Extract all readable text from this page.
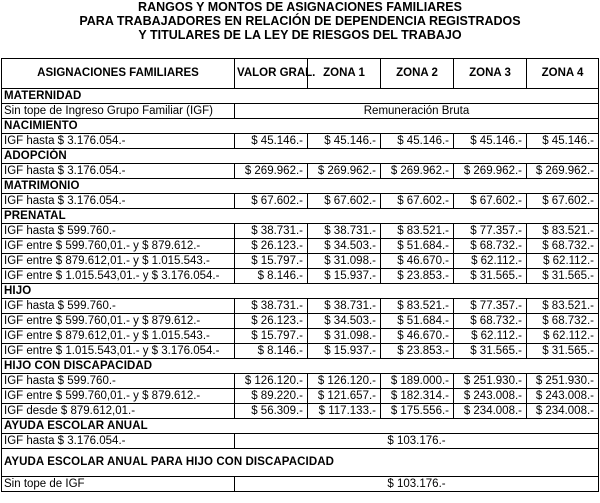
RANGOS Y MONTOS DE ASIGNACIONES FAMILIARES
PARA TRABAJADORES EN RELACIÓN DE DEPENDENCIA REGISTRADOS
Y TITULARES DE LA LEY DE RIESGOS DEL TRABAJO
ASIGNACIONES FAMILIARES	VALOR GRAL.	ZONA 1	ZONA 2	ZONA 3	ZONA 4
MATERNIDAD					
Sin tope de Ingreso Grupo Familiar (IGF)	Remuneración Bruta				
NACIMIENTO					
IGF hasta $ 3.176.054.-	$ 45.146.-	$ 45.146.-	$ 45.146.-	$ 45.146.-	$ 45.146.-
ADOPCIÓN					
IGF hasta $ 3.176.054.-	$ 269.962.-	$ 269.962.-	$ 269.962.-	$ 269.962.-	$ 269.962.-
MATRIMONIO					
IGF hasta $ 3.176.054.-	$ 67.602.-	$ 67.602.-	$ 67.602.-	$ 67.602.-	$ 67.602.-
PRENATAL					
IGF hasta $ 599.760.-	$ 38.731.-	$ 38.731.-	$ 83.521.-	$ 77.357.-	$ 83.521.-
IGF entre $ 599.760,01.- y $ 879.612.-	$ 26.123.-	$ 34.503.-	$ 51.684.-	$ 68.732.-	$ 68.732.-
IGF entre $ 879.612,01.- y $ 1.015.543.-	$ 15.797.-	$ 31.098.-	$ 46.670.-	$ 62.112.-	$ 62.112.-
IGF entre $ 1.015.543,01.- y $ 3.176.054.-	$ 8.146.-	$ 15.937.-	$ 23.853.-	$ 31.565.-	$ 31.565.-
HIJO					
IGF hasta $ 599.760.-	$ 38.731.-	$ 38.731.-	$ 83.521.-	$ 77.357.-	$ 83.521.-
IGF entre $ 599.760,01.- y $ 879.612.-	$ 26.123.-	$ 34.503.-	$ 51.684.-	$ 68.732.-	$ 68.732.-
IGF entre $ 879.612,01.- y $ 1.015.543.-	$ 15.797.-	$ 31.098.-	$ 46.670.-	$ 62.112.-	$ 62.112.-
IGF entre $ 1.015.543,01.- y $ 3.176.054.-	$ 8.146.-	$ 15.937.-	$ 23.853.-	$ 31.565.-	$ 31.565.-
HIJO CON DISCAPACIDAD					
IGF hasta $ 599.760.-	$ 126.120.-	$ 126.120.-	$ 189.000.-	$ 251.930.-	$ 251.930.-
IGF entre $ 599.760,01.- y $ 879.612.-	$ 89.220.-	$ 121.657.-	$ 182.314.-	$ 243.008.-	$ 243.008.-
IGF desde $ 879.612,01.-	$ 56.309.-	$ 117.133.-	$ 175.556.-	$ 234.008.-	$ 234.008.-
AYUDA ESCOLAR ANUAL					
IGF hasta $ 3.176.054.-	$ 103.176.-				
AYUDA ESCOLAR ANUAL PARA HIJO CON DISCAPACIDAD					
Sin tope de IGF	$ 103.176.-				
